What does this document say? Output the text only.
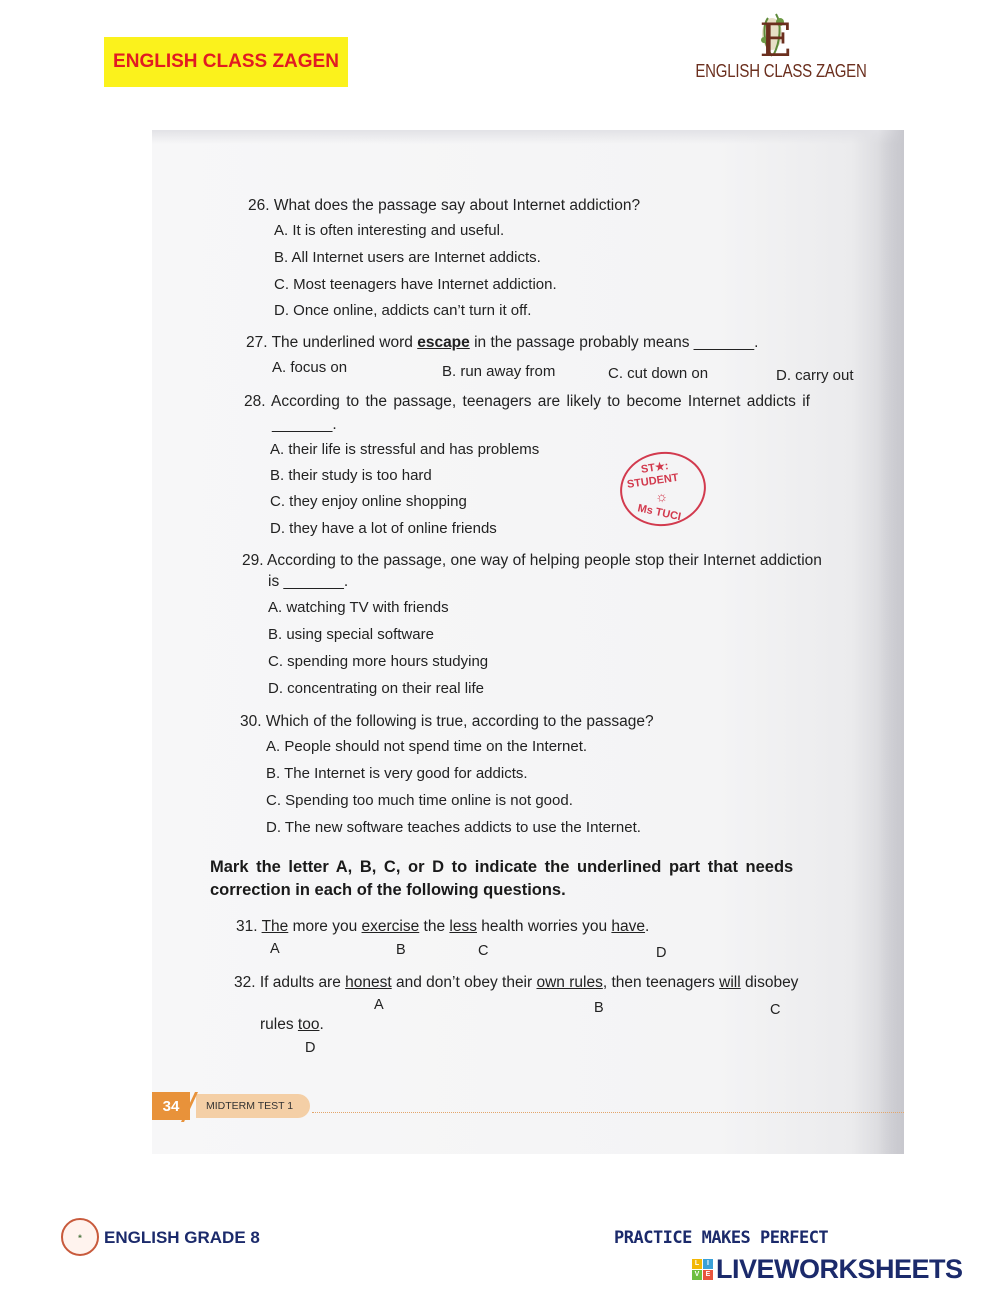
ENGLISH CLASS ZAGEN	E
ENGLISH CLASS ZAGEN
26. What does the passage say about Internet addiction?
A. It is often interesting and useful.
B. All Internet users are Internet addicts.
C. Most teenagers have Internet addiction.
D. Once online, addicts can’t turn it off.
27. The underlined word escape in the passage probably means _______.
A. focus on	B. run away from	C. cut down on	D. carry out
28. According to the passage, teenagers are likely to become Internet addicts if
_______.
A. their life is stressful and has problems
B. their study is too hard
C. they enjoy online shopping
D. they have a lot of online friends
ST★:
STUDENT
☼
Ms TUCI
29. According to the passage, one way of helping people stop their Internet addiction
is _______.
A. watching TV with friends
B. using special software
C. spending more hours studying
D. concentrating on their real life
30. Which of the following is true, according to the passage?
A. People should not spend time on the Internet.
B. The Internet is very good for addicts.
C. Spending too much time online is not good.
D. The new software teaches addicts to use the Internet.
Mark the letter A, B, C, or D to indicate the underlined part that needs
correction in each of the following questions.
31. The more you exercise the less health worries you have.
A	B	C	D
32. If adults are honest and don’t obey their own rules, then teenagers will disobey
A	B	C
rules too.
D
34	MIDTERM TEST 1
❀ ENGLISH GRADE 8	PRACTICE MAKES PERFECT
L	I
V E LIVEWORKSHEETS
